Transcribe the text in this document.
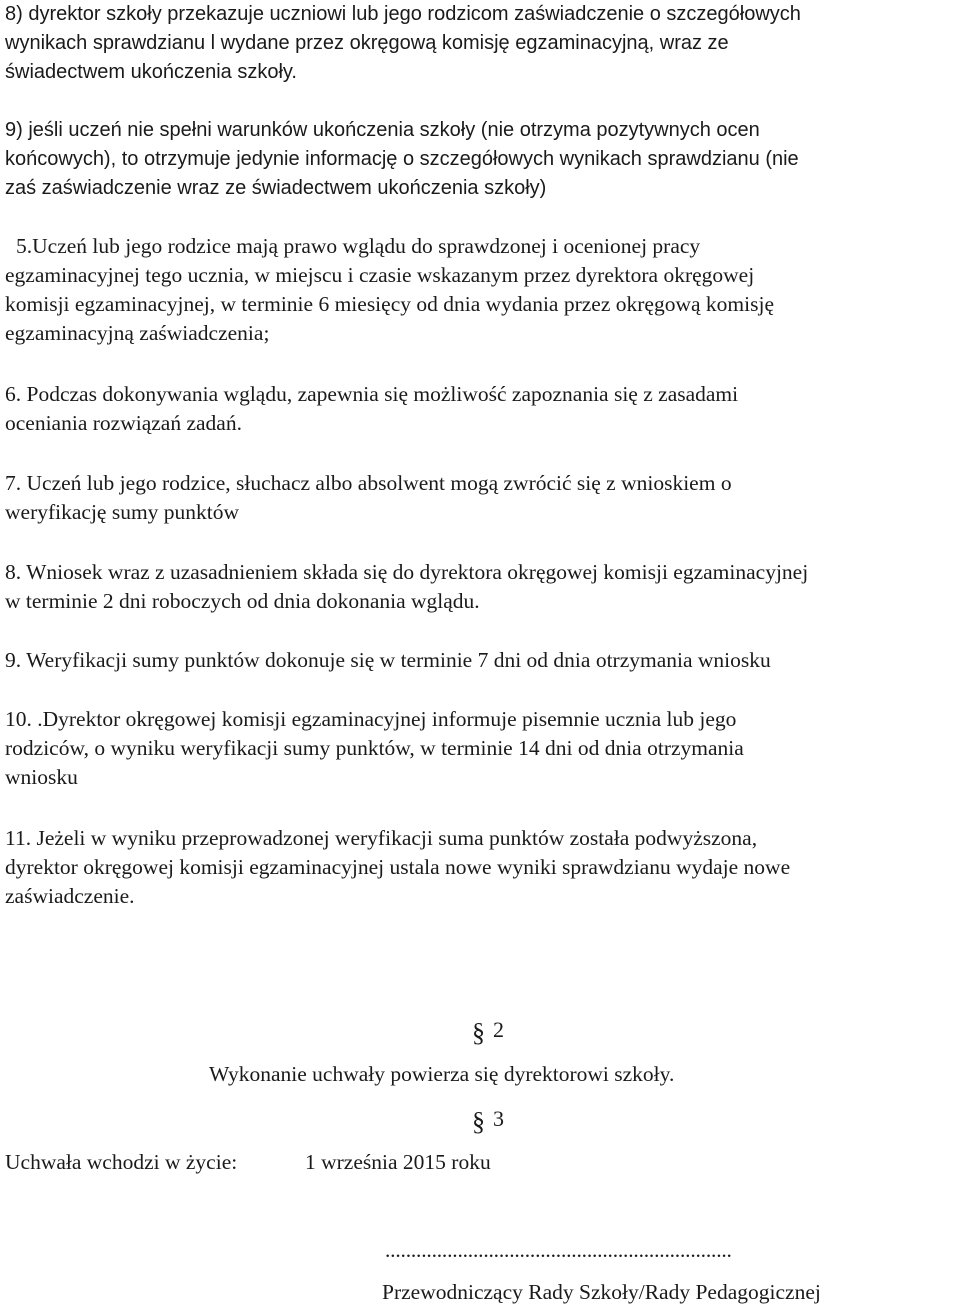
8) dyrektor szkoły przekazuje uczniowi lub jego rodzicom zaświadczenie o szczegółowych

wynikach sprawdzianu l wydane przez okręgową komisję egzaminacyjną, wraz ze

świadectwem ukończenia szkoły.

9) jeśli uczeń nie spełni warunków ukończenia szkoły (nie otrzyma pozytywnych ocen

końcowych), to otrzymuje jedynie informację o szczegółowych wynikach sprawdzianu (nie

zaś zaświadczenie wraz ze świadectwem ukończenia szkoły)

5.Uczeń lub jego rodzice mają prawo wglądu do sprawdzonej i ocenionej pracy

egzaminacyjnej tego ucznia, w miejscu i czasie wskazanym przez dyrektora okręgowej

komisji egzaminacyjnej, w terminie 6 miesięcy od dnia wydania przez okręgową komisję

egzaminacyjną zaświadczenia;

6. Podczas dokonywania wglądu, zapewnia się możliwość zapoznania się z zasadami

oceniania rozwiązań zadań.

7. Uczeń lub jego rodzice, słuchacz albo absolwent mogą zwrócić się z wnioskiem o

weryfikację sumy punktów

8. Wniosek wraz z uzasadnieniem składa się do dyrektora okręgowej komisji egzaminacyjnej

w terminie 2 dni roboczych od dnia dokonania wglądu.

9. Weryfikacji sumy punktów dokonuje się w terminie 7 dni od dnia otrzymania wniosku

10. .Dyrektor okręgowej komisji egzaminacyjnej informuje pisemnie ucznia lub jego

rodziców, o wyniku weryfikacji sumy punktów, w terminie 14 dni od dnia otrzymania

wniosku

11. Jeżeli w wyniku przeprowadzonej weryfikacji suma punktów została podwyższona,

dyrektor okręgowej komisji egzaminacyjnej ustala nowe wyniki sprawdzianu wydaje nowe

zaświadczenie.

§ 2

Wykonanie uchwały powierza się dyrektorowi szkoły.

§ 3

Uchwała wchodzi w życie:	1 września 2015 roku

...................................................................

Przewodniczący Rady Szkoły/Rady Pedagogicznej
